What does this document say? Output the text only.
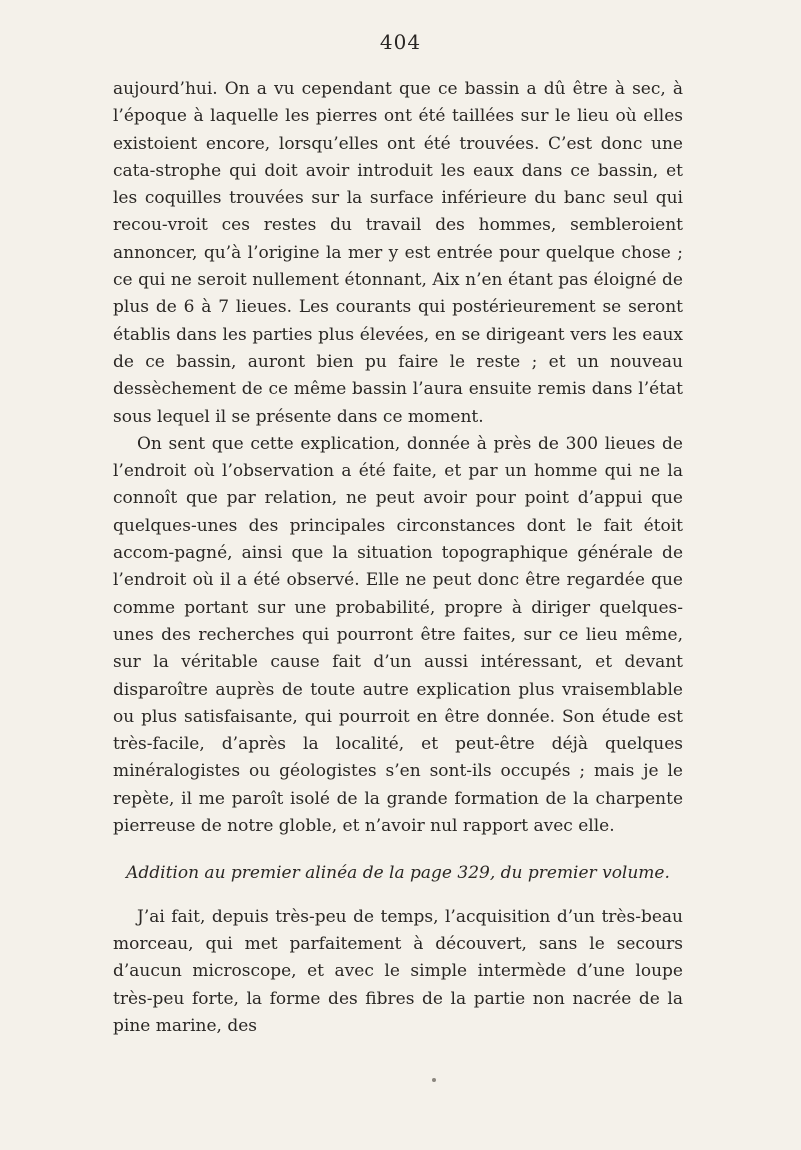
404

aujourd’hui. On a vu cependant que ce bassin a dû être à sec, à l’époque à laquelle les pierres ont été taillées sur le lieu où elles existoient encore, lorsqu’elles ont été trouvées. C’est donc une cata-strophe qui doit avoir introduit les eaux dans ce bassin, et les coquilles trouvées sur la surface inférieure du banc seul qui recou-vroit ces restes du travail des hommes, sembleroient annoncer, qu’à l’origine la mer y est entrée pour quelque chose ; ce qui ne seroit nullement étonnant, Aix n’en étant pas éloigné de plus de 6 à 7 lieues. Les courants qui postérieurement se seront établis dans les parties plus élevées, en se dirigeant vers les eaux de ce bassin, auront bien pu faire le reste ; et un nouveau dessèchement de ce même bassin l’aura ensuite remis dans l’état sous lequel il se présente dans ce moment.

On sent que cette explication, donnée à près de 300 lieues de l’endroit où l’observation a été faite, et par un homme qui ne la connoît que par relation, ne peut avoir pour point d’appui que quelques-unes des principales circonstances dont le fait étoit accom-pagné, ainsi que la situation topographique générale de l’endroit où il a été observé. Elle ne peut donc être regardée que comme portant sur une probabilité, propre à diriger quelques-unes des recherches qui pourront être faites, sur ce lieu même, sur la véritable cause fait d’un aussi intéressant, et devant disparoître auprès de toute autre explication plus vraisemblable ou plus satisfaisante, qui pourroit en être donnée. Son étude est très-facile, d’après la localité, et peut-être déjà quelques minéralogistes ou géologistes s’en sont-ils occupés ; mais je le repète, il me paroît isolé de la grande formation de la charpente pierreuse de notre globle, et n’avoir nul rapport avec elle.

Addition au premier alinéa de la page 329, du premier volume.

J’ai fait, depuis très-peu de temps, l’acquisition d’un très-beau morceau, qui met parfaitement à découvert, sans le secours d’aucun microscope, et avec le simple intermède d’une loupe très-peu forte, la forme des fibres de la partie non nacrée de la pine marine, des
